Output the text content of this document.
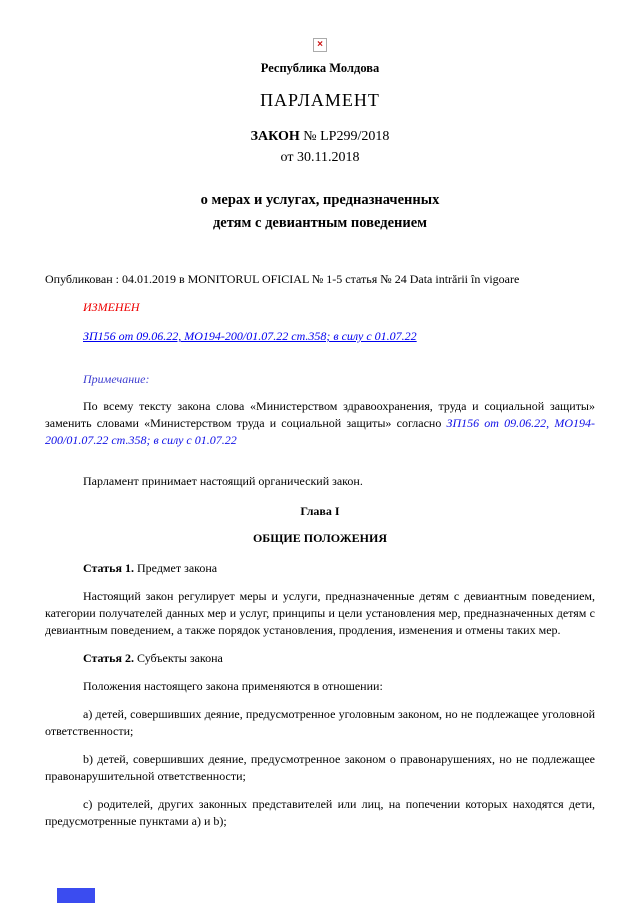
×
Республика Молдова
ПАРЛАМЕНТ
ЗАКОН № LP299/2018
от 30.11.2018
о мерах и услугах, предназначенных
детям с девиантным поведением

Опубликован : 04.01.2019 в MONITORUL OFICIAL № 1-5 статья № 24 Data intrării în vigoare

ИЗМЕНЕН

ЗП156 от 09.06.22, МО194-200/01.07.22 ст.358; в силу с 01.07.22

Примечание:

По всему тексту закона слова «Министерством здравоохранения, труда и социальной защиты» заменить словами «Министерством труда и социальной защиты» согласно ЗП156 от 09.06.22, МО194-200/01.07.22 ст.358; в силу с 01.07.22

Парламент принимает настоящий органический закон.

Глава I

ОБЩИЕ ПОЛОЖЕНИЯ

Статья 1. Предмет закона

Настоящий закон регулирует меры и услуги, предназначенные детям с девиантным поведением, категории получателей данных мер и услуг, принципы и цели установления мер, предназначенных детям с девиантным поведением, а также порядок установления, продления, изменения и отмены таких мер.

Статья 2. Субъекты закона

Положения настоящего закона применяются в отношении:

а) детей, совершивших деяние, предусмотренное уголовным законом, но не подлежащее уголовной ответственности;

b) детей, совершивших деяние, предусмотренное законом о правонарушениях, но не подлежащее правонарушительной ответственности;

с) родителей, других законных представителей или лиц, на попечении которых находятся дети, предусмотренные пунктами а) и b);
